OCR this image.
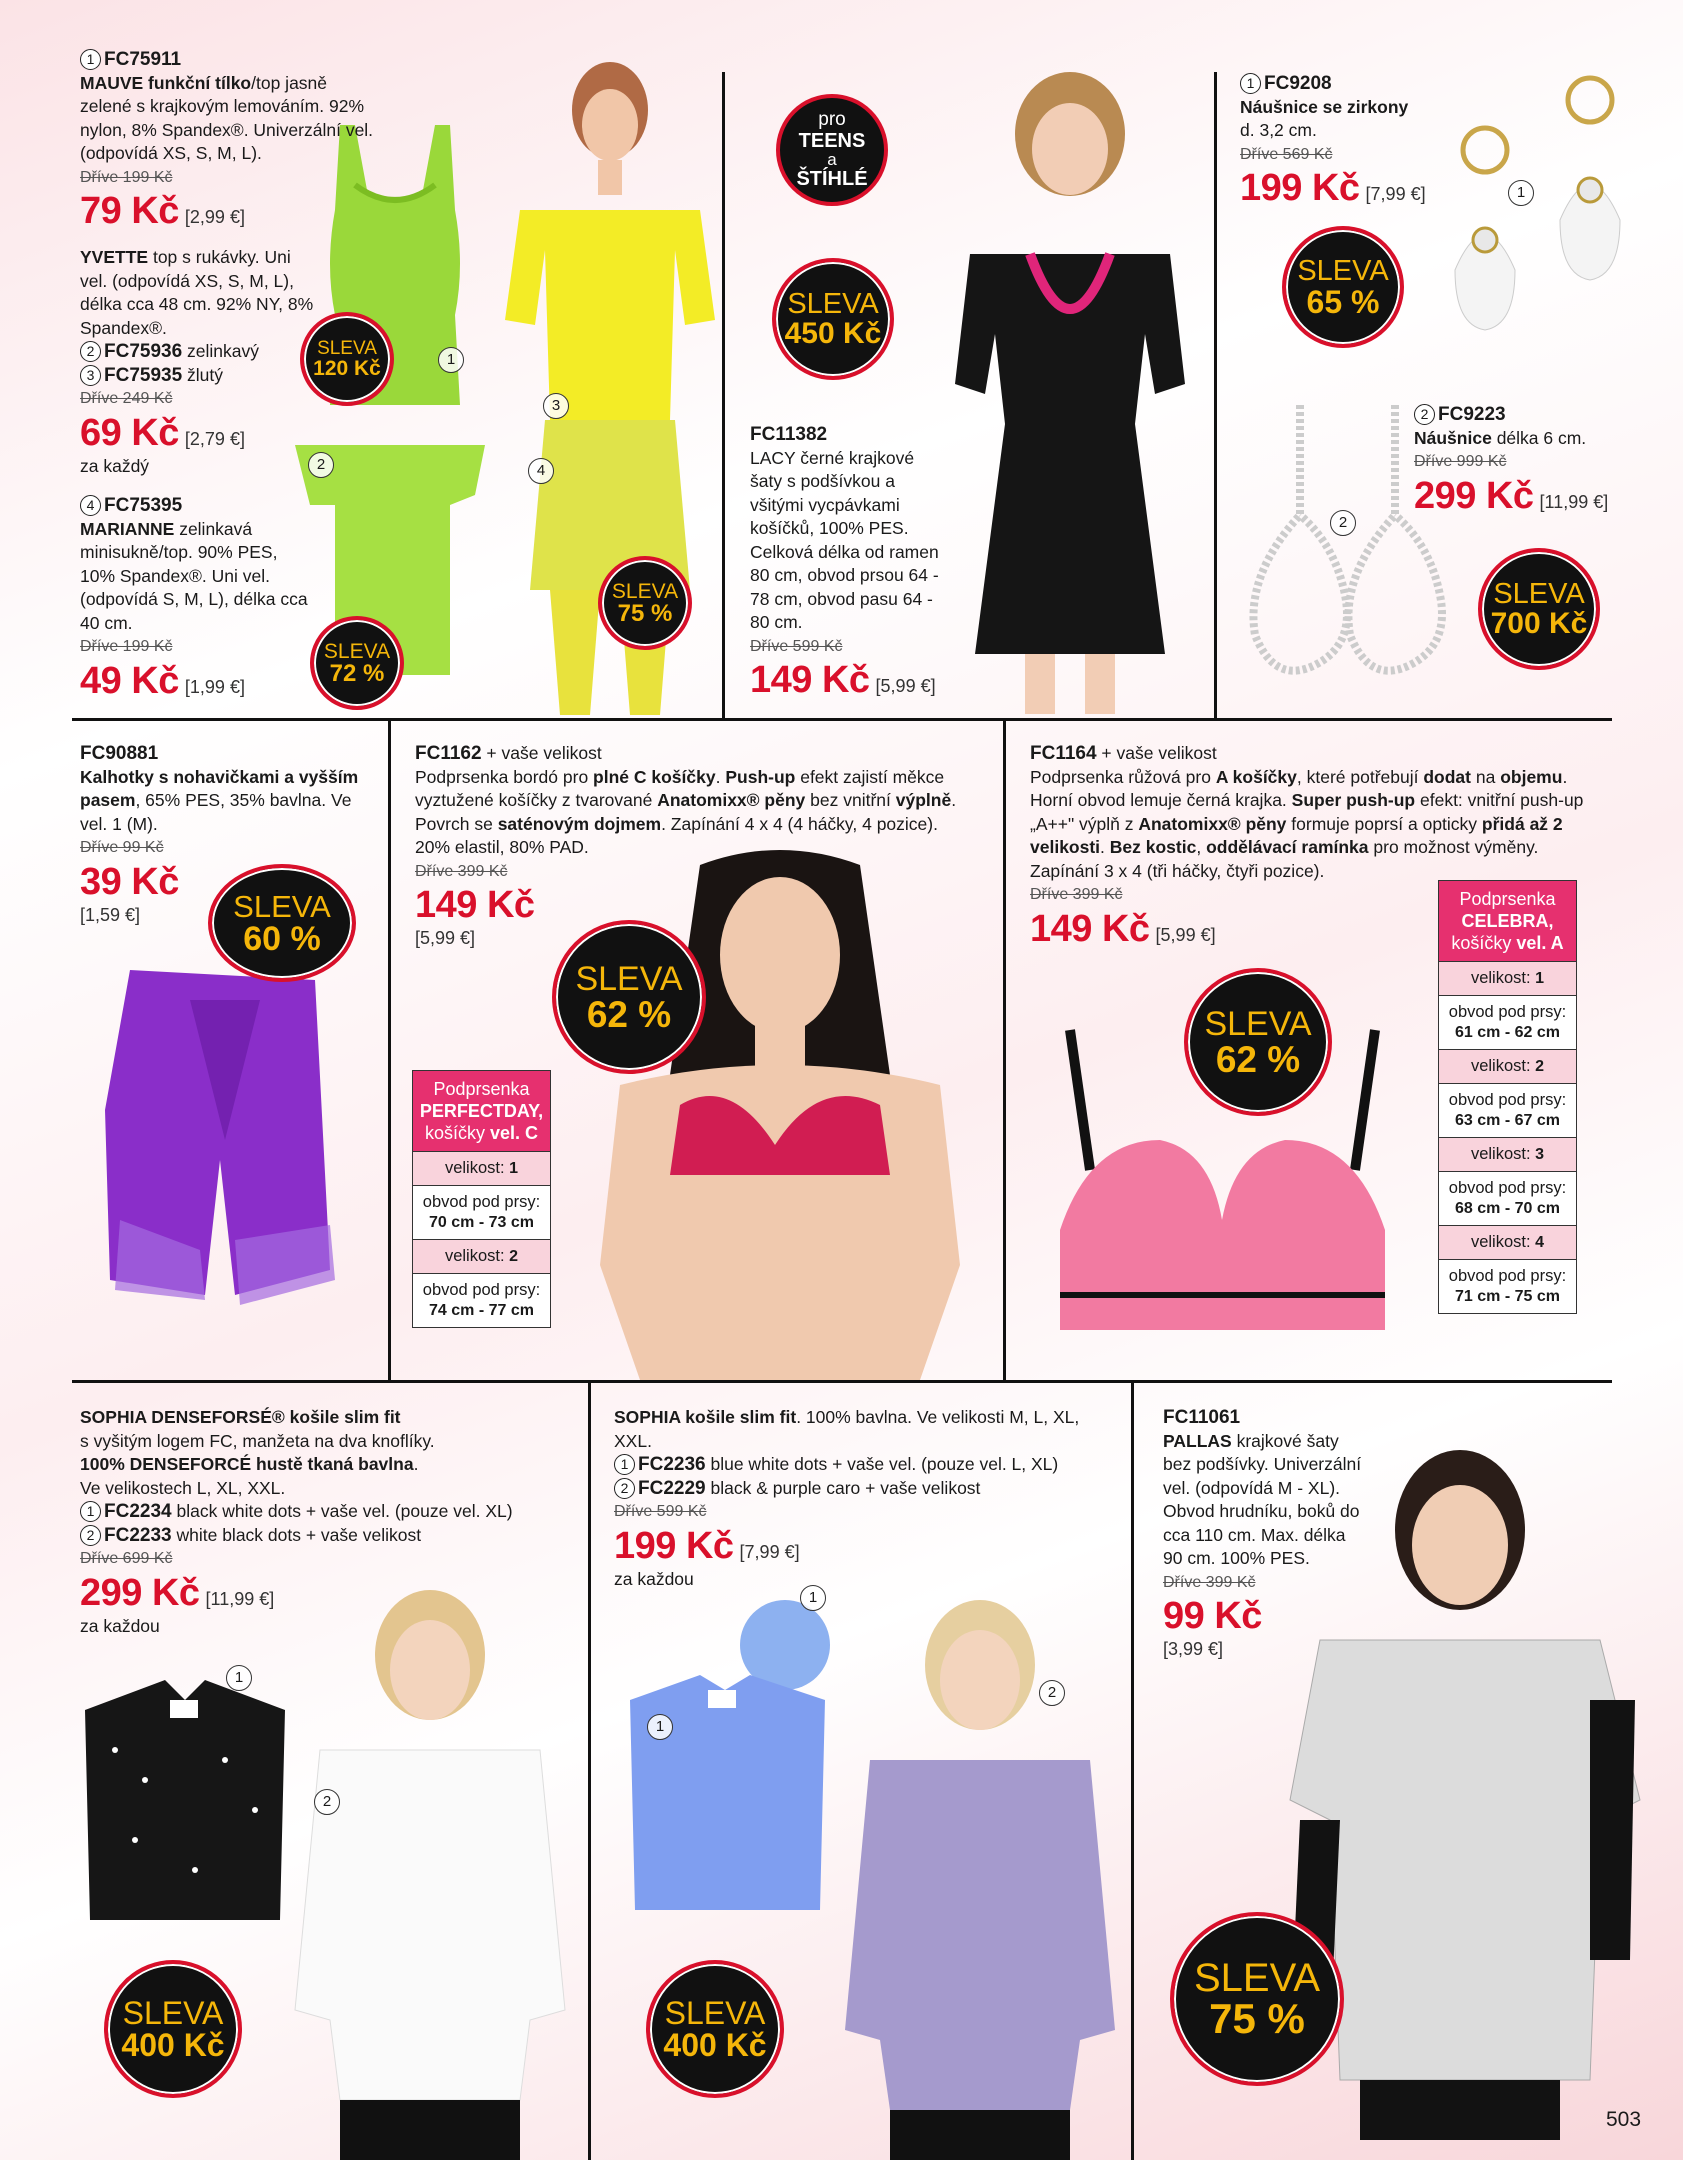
1 FC75911
MAUVE funkční tílko/top jasně zelené s krajkovým lemováním. 92% nylon, 8% Spandex®. Univerzální vel. (odpovídá XS, S, M, L).
Dříve 199 Kč
79 Kč [2,99 €]
YVETTE top s rukávky. Uni vel. (odpovídá XS, S, M, L), délka cca 48 cm. 92% NY, 8% Spandex®.
2 FC75936 zelinkavý
3 FC75935 žlutý
Dříve 249 Kč
69 Kč [2,79 €]
za každý
4 FC75395
MARIANNE zelinkavá minisukně/top. 90% PES, 10% Spandex®. Uni vel. (odpovídá S, M, L), délka cca 40 cm.
Dříve 199 Kč
49 Kč [1,99 €]
SLEVA
120 Kč
SLEVA
72 %
SLEVA
75 %
1
2
3
4
pro
TEENS
a
ŠTÍHLÉ
SLEVA
450 Kč
FC11382
LACY černé krajkové šaty s podšívkou a všitými vycpávkami košíčků, 100% PES. Celková délka od ramen 80 cm, obvod prsou 64 - 78 cm, obvod pasu 64 - 80 cm.
Dříve 599 Kč
149 Kč [5,99 €]
1 FC9208
Náušnice se zirkony
d. 3,2 cm.
Dříve 569 Kč
199 Kč [7,99 €]
SLEVA
65 %
1
2 FC9223
Náušnice délka 6 cm.
Dříve 999 Kč
299 Kč [11,99 €]
2
SLEVA
700 Kč
FC90881
Kalhotky s nohavičkami a vyšším pasem, 65% PES, 35% bavlna. Ve vel. 1 (M).
Dříve 99 Kč
39 Kč
[1,59 €]	SLEVA
60 %
FC1162 + vaše velikost
Podprsenka bordó pro plné C košíčky. Push-up efekt zajistí měkce vyztužené košíčky z tvarované Anatomixx® pěny bez vnitřní výplně. Povrch se saténovým dojmem. Zapínání 4 x 4 (4 háčky, 4 pozice). 20% elastil, 80% PAD.
Dříve 399 Kč
149 Kč
[5,99 €]
SLEVA
62 %
Podprsenka
PERFECTDAY,
košíčky vel. C
velikost: 1
obvod pod prsy:
70 cm - 73 cm
velikost: 2
obvod pod prsy:
74 cm - 77 cm
FC1164 + vaše velikost
Podprsenka růžová pro A košíčky, které potřebují dodat na objemu. Horní obvod lemuje černá krajka. Super push-up efekt: vnitřní push-up „A++" výplň z Anatomixx® pěny formuje poprsí a opticky přidá až 2 velikosti. Bez kostic, oddělávací ramínka pro možnost výměny. Zapínání 3 x 4 (tři háčky, čtyři pozice).
Dříve 399 Kč
149 Kč [5,99 €]
SLEVA
62 %
Podprsenka
CELEBRA,
košíčky vel. A
velikost: 1
obvod pod prsy:
61 cm - 62 cm
velikost: 2
obvod pod prsy:
63 cm - 67 cm
velikost: 3
obvod pod prsy:
68 cm - 70 cm
velikost: 4
obvod pod prsy:
71 cm - 75 cm
SOPHIA DENSEFORSÉ® košile slim fit
s vyšitým logem FC, manžeta na dva knoflíky.
100% DENSEFORCÉ hustě tkaná bavlna.
Ve velikostech L, XL, XXL.
1 FC2234 black white dots + vaše vel. (pouze vel. XL)
2 FC2233 white black dots + vaše velikost
Dříve 699 Kč
299 Kč [11,99 €]
za každou
1
2
SLEVA
400 Kč
SOPHIA košile slim fit. 100% bavlna. Ve velikosti M, L, XL, XXL.
1 FC2236 blue white dots + vaše vel. (pouze vel. L, XL)
2 FC2229 black & purple caro + vaše velikost
Dříve 599 Kč
199 Kč [7,99 €]
za každou
1
1
2
SLEVA
400 Kč
FC11061
PALLAS krajkové šaty bez podšívky. Univerzální vel. (odpovídá M - XL). Obvod hrudníku, boků do cca 110 cm. Max. délka 90 cm. 100% PES.
Dříve 399 Kč
99 Kč
[3,99 €]
SLEVA
75 %
503
